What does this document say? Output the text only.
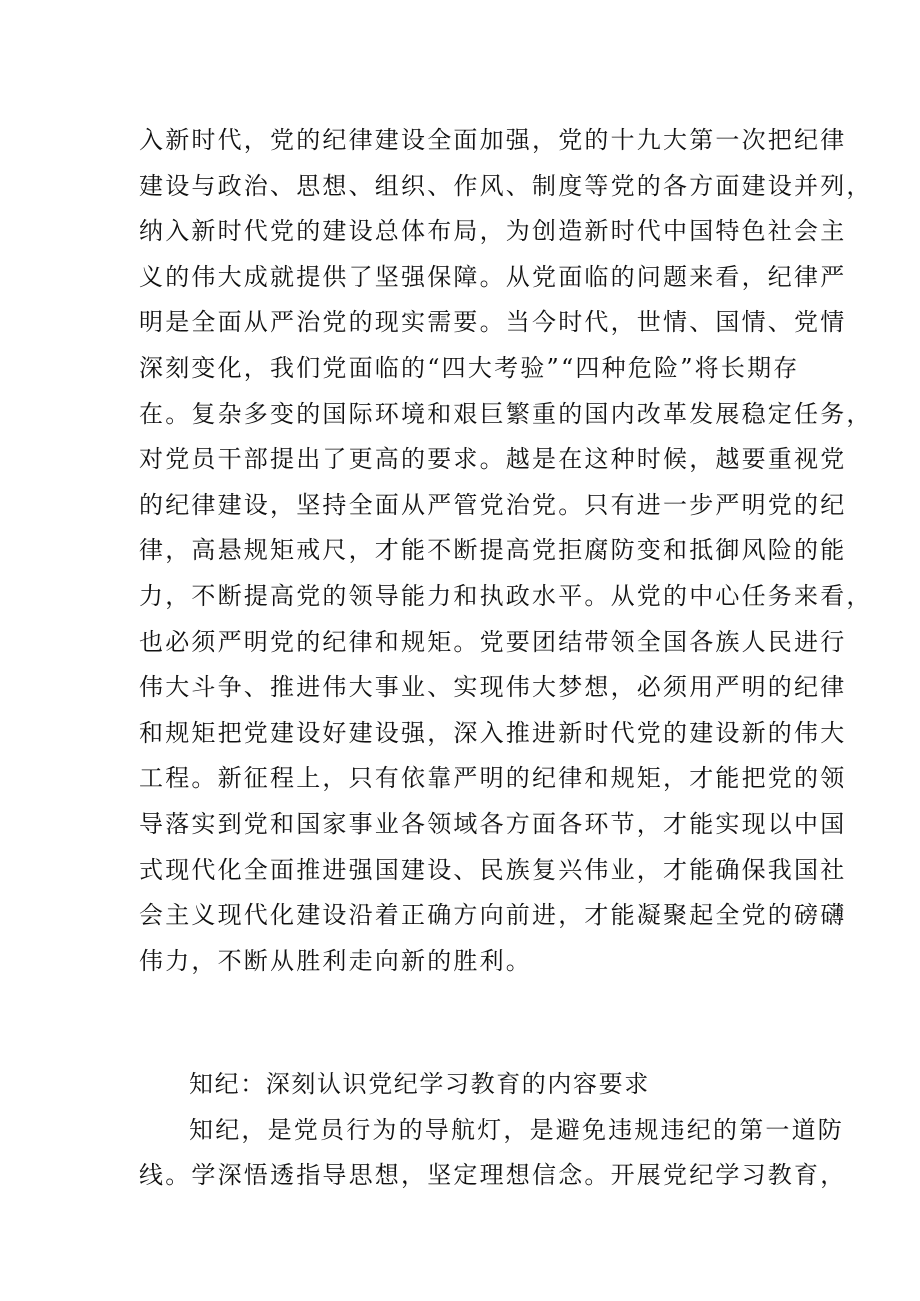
入新时代，党的纪律建设全面加强，党的十九大第一次把纪律
建设与政治、思想、组织、作风、制度等党的各方面建设并列，
纳入新时代党的建设总体布局，为创造新时代中国特色社会主
义的伟大成就提供了坚强保障。从党面临的问题来看，纪律严
明是全面从严治党的现实需要。当今时代，世情、国情、党情
深刻变化，我们党面临的“四大考验”“四种危险”将长期存
在。复杂多变的国际环境和艰巨繁重的国内改革发展稳定任务，
对党员干部提出了更高的要求。越是在这种时候，越要重视党
的纪律建设，坚持全面从严管党治党。只有进一步严明党的纪
律，高悬规矩戒尺，才能不断提高党拒腐防变和抵御风险的能
力，不断提高党的领导能力和执政水平。从党的中心任务来看，
也必须严明党的纪律和规矩。党要团结带领全国各族人民进行
伟大斗争、推进伟大事业、实现伟大梦想，必须用严明的纪律
和规矩把党建设好建设强，深入推进新时代党的建设新的伟大
工程。新征程上，只有依靠严明的纪律和规矩，才能把党的领
导落实到党和国家事业各领域各方面各环节，才能实现以中国
式现代化全面推进强国建设、民族复兴伟业，才能确保我国社
会主义现代化建设沿着正确方向前进，才能凝聚起全党的磅礴
伟力，不断从胜利走向新的胜利。
知纪：深刻认识党纪学习教育的内容要求
知纪，是党员行为的导航灯，是避免违规违纪的第一道防
线。学深悟透指导思想，坚定理想信念。开展党纪学习教育，
